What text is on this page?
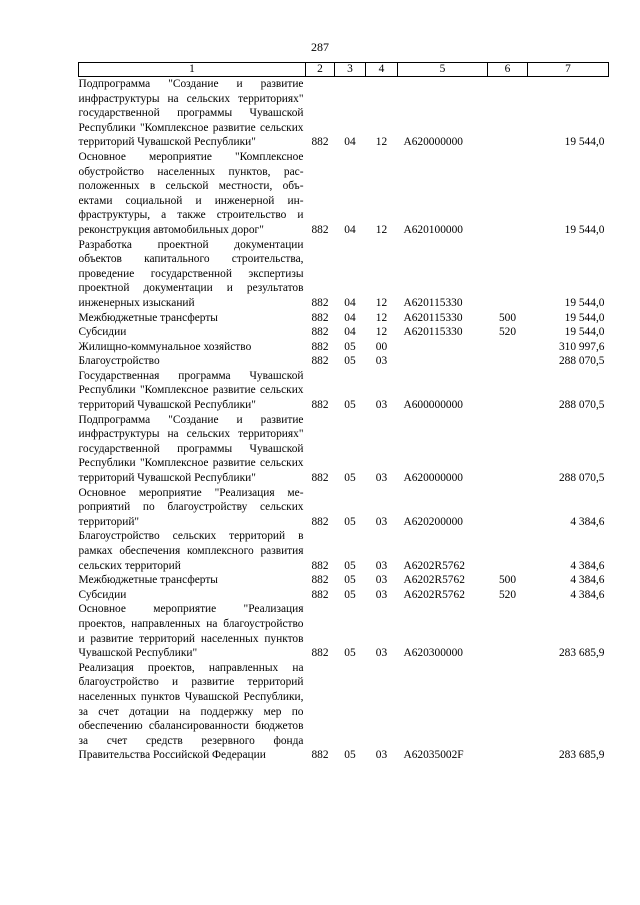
287
1	2	3	4	5	6	7
Подпрограмма "Создание и развитие инфраструктуры на сельских территориях" государственной программы Чувашской Республики "Комплексное развитие сельских территорий Чувашской Республики"	882	04	12	A620000000		19 544,0
Основное мероприятие "Комплексное обустройство населенных пунктов, расположенных в сельской местности, объектами социальной и инженерной инфраструктуры, а также строительство и реконструкция автомобильных дорог"	882	04	12	A620100000		19 544,0
Разработка проектной документации объектов капитального строительства, проведение государственной экспертизы проектной документации и результатов инженерных изысканий	882	04	12	A620115330		19 544,0
Межбюджетные трансферты	882	04	12	A620115330	500	19 544,0
Субсидии	882	04	12	A620115330	520	19 544,0
Жилищно-коммунальное хозяйство	882	05	00			310 997,6
Благоустройство	882	05	03			288 070,5
Государственная программа Чувашской Республики "Комплексное развитие сельских территорий Чувашской Республики"	882	05	03	A600000000		288 070,5
Подпрограмма "Создание и развитие инфраструктуры на сельских территориях" государственной программы Чувашской Республики "Комплексное развитие сельских территорий Чувашской Республики"	882	05	03	A620000000		288 070,5
Основное мероприятие "Реализация мероприятий по благоустройству сельских территорий"	882	05	03	A620200000		4 384,6
Благоустройство сельских территорий в рамках обеспечения комплексного развития сельских территорий	882	05	03	A6202R5762		4 384,6
Межбюджетные трансферты	882	05	03	A6202R5762	500	4 384,6
Субсидии	882	05	03	A6202R5762	520	4 384,6
Основное мероприятие "Реализация проектов, направленных на благоустройство и развитие территорий населенных пунктов Чувашской Республики"	882	05	03	A620300000		283 685,9
Реализация проектов, направленных на благоустройство и развитие территорий населенных пунктов Чувашской Республики, за счет дотации на поддержку мер по обеспечению сбалансированности бюджетов за счет средств резервного фонда Правительства Российской Федерации	882	05	03	A62035002F		283 685,9
